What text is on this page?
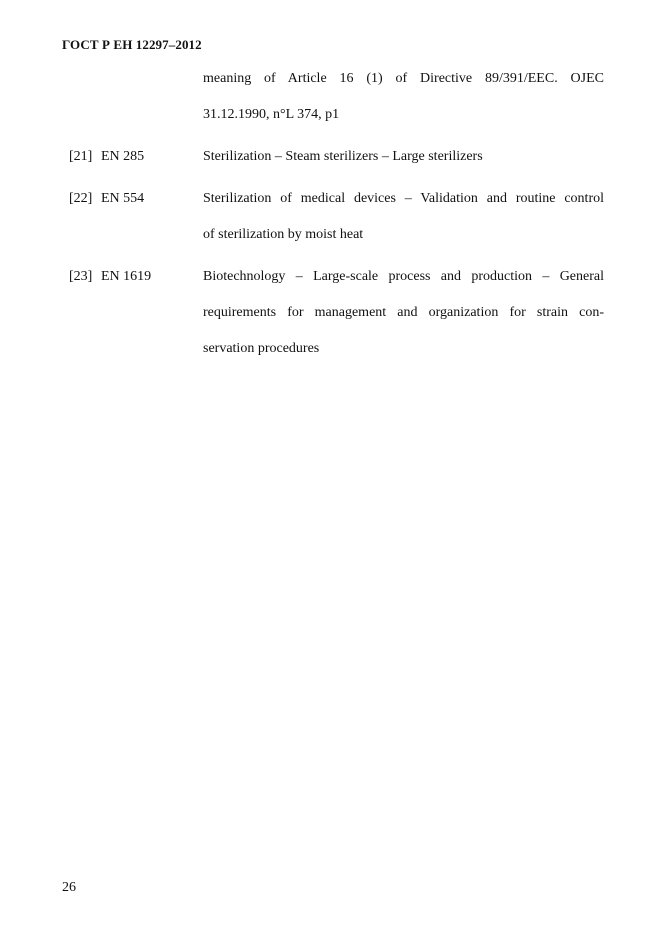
ГОСТ Р ЕН 12297–2012
meaning of Article 16 (1) of Directive 89/391/EEC. OJEC
31.12.1990, n°L 374, p1
[21] EN 285	Sterilization – Steam sterilizers – Large sterilizers
[22] EN 554	Sterilization of medical devices – Validation and routine control
of sterilization by moist heat
[23] EN 1619	Biotechnology – Large-scale process and production – General
requirements for management and organization for strain con-
servation procedures
26
